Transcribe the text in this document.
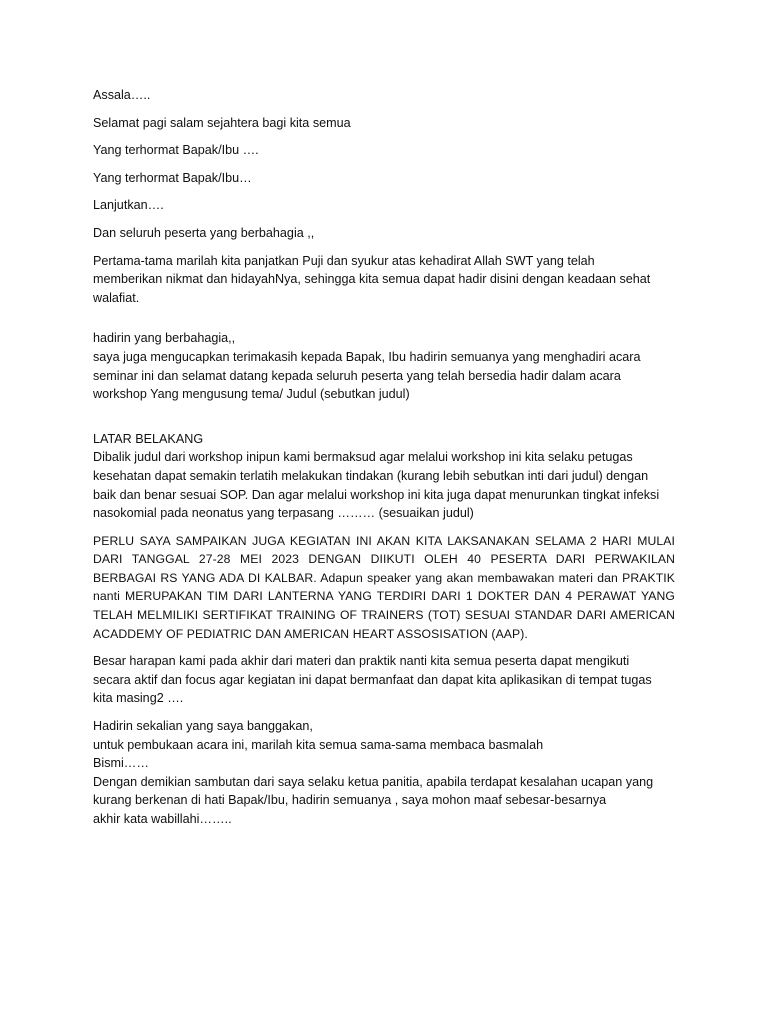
Assala…..

Selamat pagi salam sejahtera bagi kita semua

Yang terhormat Bapak/Ibu ….

Yang terhormat Bapak/Ibu…

Lanjutkan….

Dan seluruh peserta yang berbahagia ,,

Pertama-tama marilah kita panjatkan Puji dan syukur atas kehadirat Allah SWT yang telah
memberikan nikmat dan hidayahNya, sehingga kita semua dapat hadir disini dengan keadaan sehat
walafiat.

hadirin yang berbahagia,,
saya juga mengucapkan terimakasih kepada Bapak, Ibu hadirin semuanya yang menghadiri acara
seminar ini dan selamat datang kepada seluruh peserta yang telah bersedia hadir dalam acara
workshop Yang mengusung tema/ Judul (sebutkan judul)

LATAR BELAKANG
Dibalik judul dari workshop inipun kami bermaksud agar melalui workshop ini kita selaku petugas
kesehatan dapat semakin terlatih melakukan tindakan (kurang lebih sebutkan inti dari judul) dengan
baik dan benar sesuai SOP. Dan agar melalui workshop ini kita juga dapat menurunkan tingkat infeksi
nasokomial pada neonatus yang terpasang ……… (sesuaikan judul)

PERLU SAYA SAMPAIKAN JUGA KEGIATAN INI AKAN KITA LAKSANAKAN SELAMA 2 HARI MULAI DARI TANGGAL 27-28 MEI 2023 DENGAN DIIKUTI OLEH 40 PESERTA DARI PERWAKILAN BERBAGAI RS YANG ADA DI KALBAR. Adapun speaker yang akan membawakan materi dan PRAKTIK nanti MERUPAKAN TIM DARI LANTERNA YANG TERDIRI DARI 1 DOKTER DAN 4 PERAWAT YANG TELAH MELMILIKI SERTIFIKAT TRAINING OF TRAINERS (TOT) SESUAI STANDAR DARI AMERICAN ACADDEMY OF PEDIATRIC DAN AMERICAN HEART ASSOSISATION (AAP).

Besar harapan kami pada akhir dari materi dan praktik nanti kita semua peserta dapat mengikuti
secara aktif dan focus agar kegiatan ini dapat bermanfaat dan dapat kita aplikasikan di tempat tugas
kita masing2 ….

Hadirin sekalian yang saya banggakan,
untuk pembukaan acara ini, marilah kita semua sama-sama membaca basmalah
Bismi……
Dengan demikian sambutan dari saya selaku ketua panitia, apabila terdapat kesalahan ucapan yang
kurang berkenan di hati Bapak/Ibu, hadirin semuanya , saya mohon maaf sebesar-besarnya
akhir kata wabillahi……..
